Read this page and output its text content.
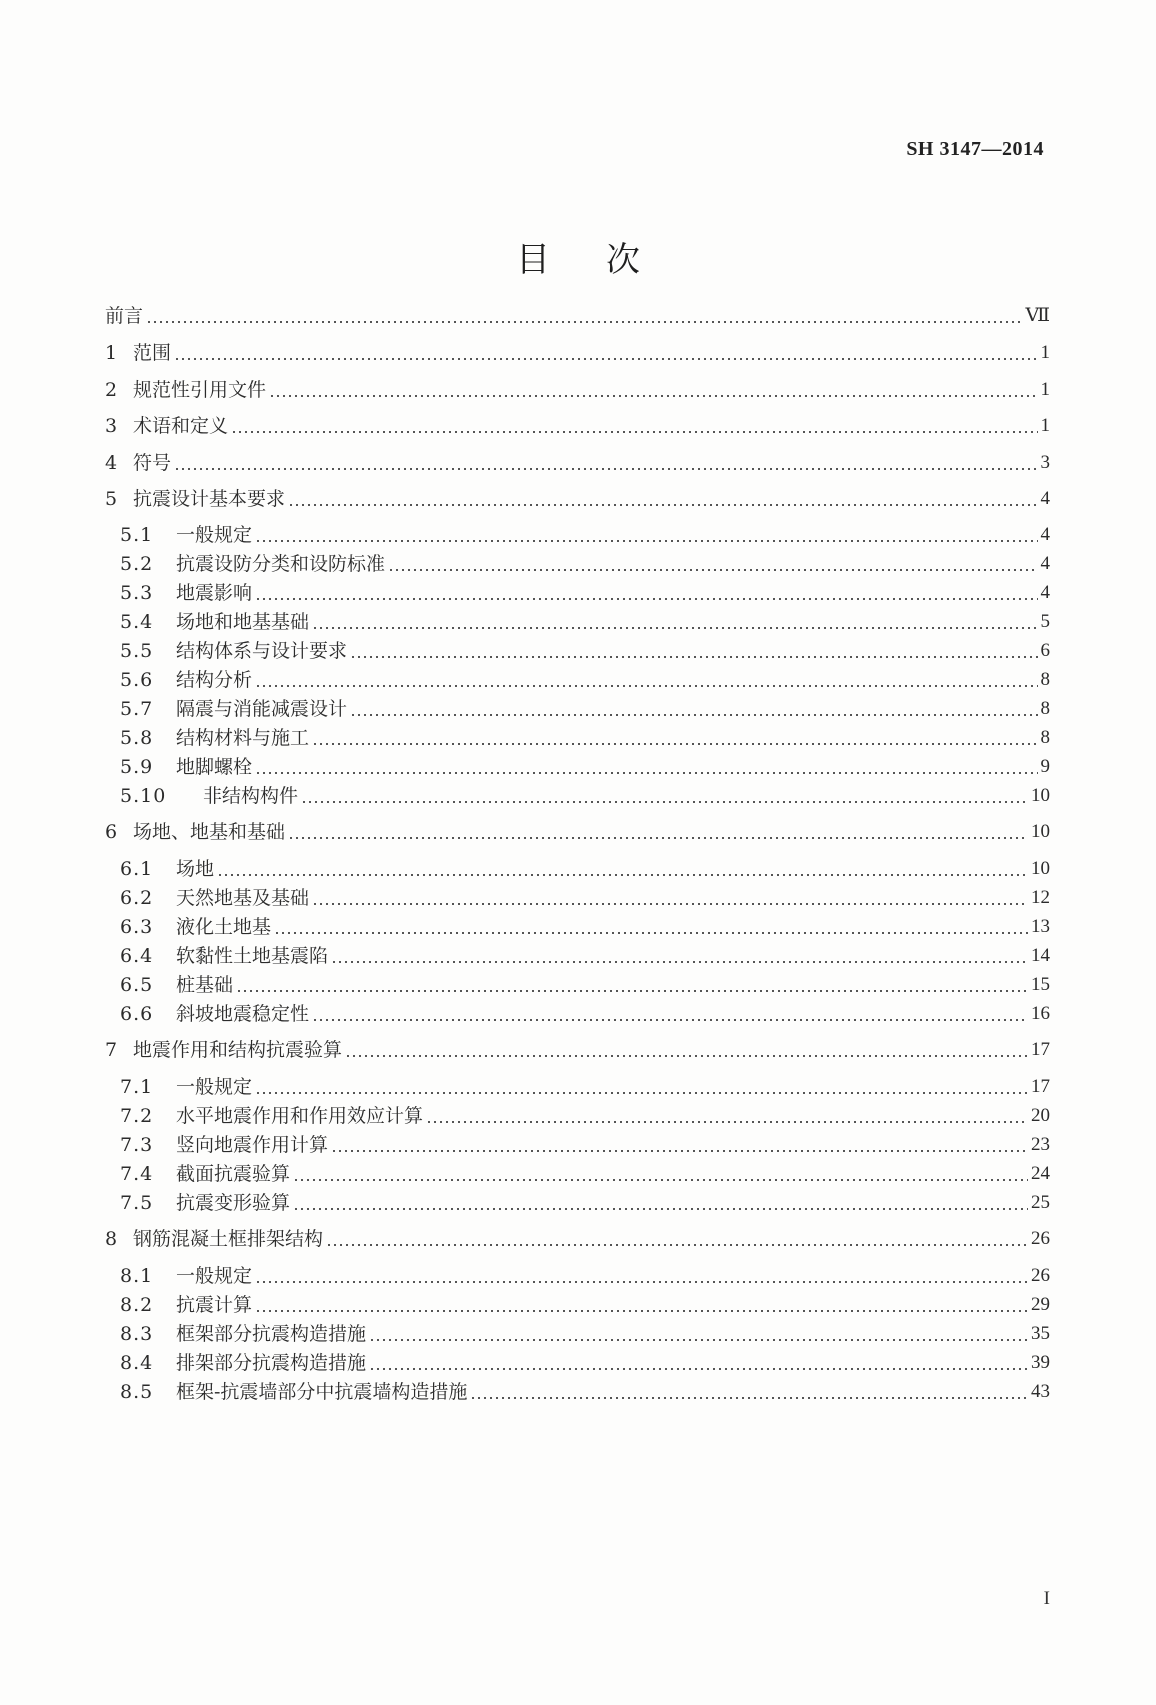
SH 3147—2014
目次
前言	Ⅶ
1 范围	1
2 规范性引用文件	1
3 术语和定义	1
4 符号	3
5 抗震设计基本要求	4
5.1	一般规定	4
5.2	抗震设防分类和设防标准	4
5.3	地震影响	4
5.4	场地和地基基础	5
5.5	结构体系与设计要求	6
5.6	结构分析	8
5.7	隔震与消能减震设计	8
5.8	结构材料与施工	8
5.9	地脚螺栓	9
5.10	非结构构件	10
6 场地、地基和基础	10
6.1	场地	10
6.2	天然地基及基础	12
6.3	液化土地基	13
6.4	软黏性土地基震陷	14
6.5	桩基础	15
6.6	斜坡地震稳定性	16
7 地震作用和结构抗震验算	17
7.1	一般规定	17
7.2	水平地震作用和作用效应计算	20
7.3	竖向地震作用计算	23
7.4	截面抗震验算	24
7.5	抗震变形验算	25
8 钢筋混凝土框排架结构	26
8.1	一般规定	26
8.2	抗震计算	29
8.3	框架部分抗震构造措施	35
8.4	排架部分抗震构造措施	39
8.5	框架-抗震墙部分中抗震墙构造措施	43
I
